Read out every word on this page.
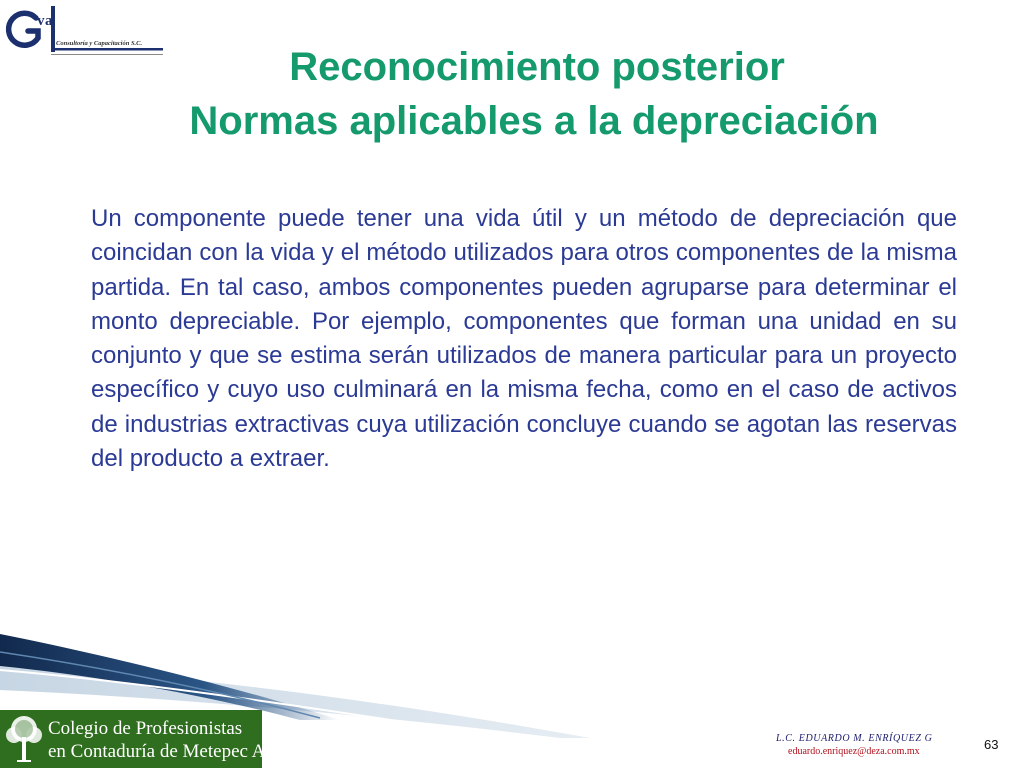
va
Consultoría y Capacitación S.C.
Reconocimiento posterior
Normas aplicables a la depreciación

Un componente puede tener una vida útil y un método de depreciación que coincidan con la vida y el método utilizados para otros componentes de la misma partida. En tal caso, ambos componentes pueden agruparse para determinar el monto depreciable. Por ejemplo, componentes que forman una unidad en su conjunto y que se estima serán utilizados de manera particular para un proyecto específico y cuyo uso culminará en la misma fecha, como en el caso de activos de industrias extractivas cuya utilización concluye cuando se agotan las reservas del producto a extraer.

Colegio de Profesionistas
en Contaduría de Metepec A.C.
L.C. EDUARDO M. ENRÍQUEZ G
eduardo.enriquez@deza.com.mx	63
